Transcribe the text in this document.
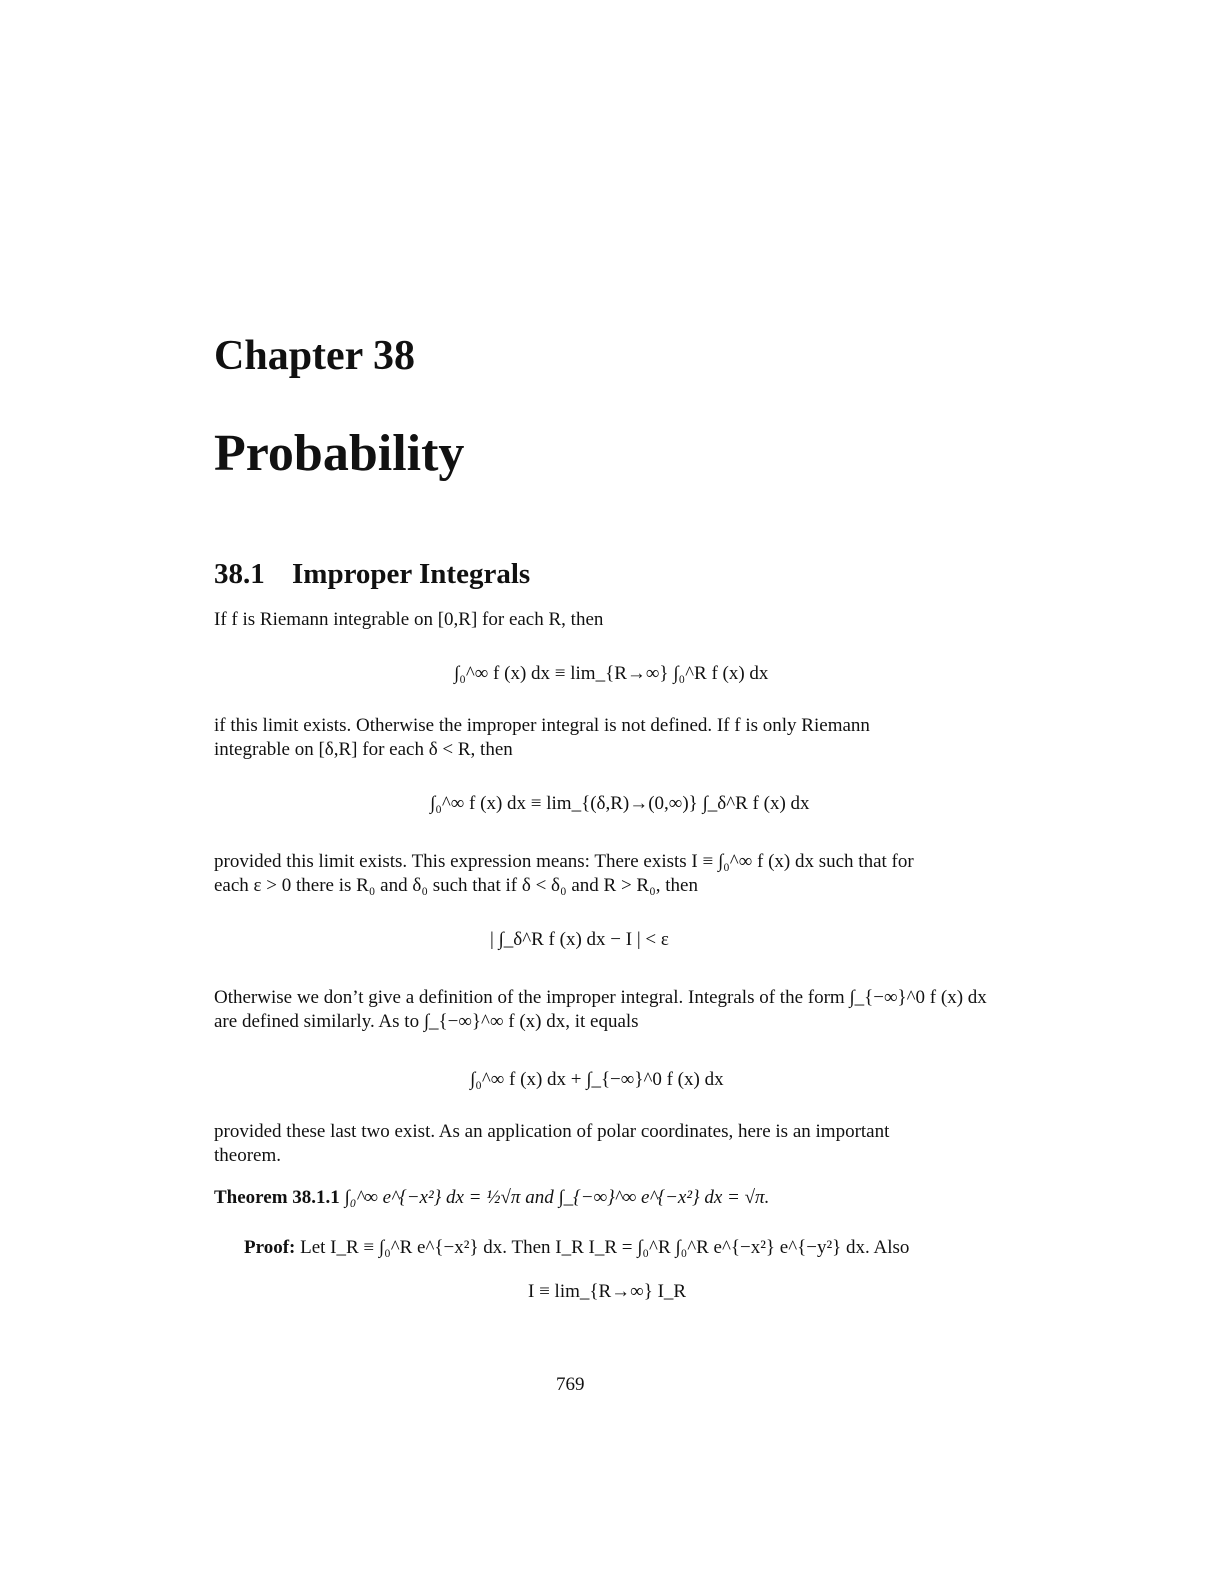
Chapter 38
Probability
38.1 Improper Integrals
If f is Riemann integrable on [0,R] for each R, then
∫₀^∞ f (x) dx ≡ lim_{R→∞} ∫₀^R f (x) dx
if this limit exists. Otherwise the improper integral is not defined. If f is only Riemann
integrable on [δ,R] for each δ < R, then
∫₀^∞ f (x) dx ≡ lim_{(δ,R)→(0,∞)} ∫_δ^R f (x) dx
provided this limit exists. This expression means: There exists I ≡ ∫₀^∞ f (x) dx such that for
each ε > 0 there is R₀ and δ₀ such that if δ < δ₀ and R > R₀, then
| ∫_δ^R f (x) dx − I | < ε
Otherwise we don’t give a definition of the improper integral. Integrals of the form ∫_{−∞}^0 f (x) dx
are defined similarly. As to ∫_{−∞}^∞ f (x) dx, it equals
∫₀^∞ f (x) dx + ∫_{−∞}^0 f (x) dx
provided these last two exist. As an application of polar coordinates, here is an important
theorem.
Theorem 38.1.1 ∫₀^∞ e^{−x²} dx = ½√π and ∫_{−∞}^∞ e^{−x²} dx = √π.
Proof: Let I_R ≡ ∫₀^R e^{−x²} dx. Then I_R I_R = ∫₀^R ∫₀^R e^{−x²} e^{−y²} dx. Also
I ≡ lim_{R→∞} I_R
769
